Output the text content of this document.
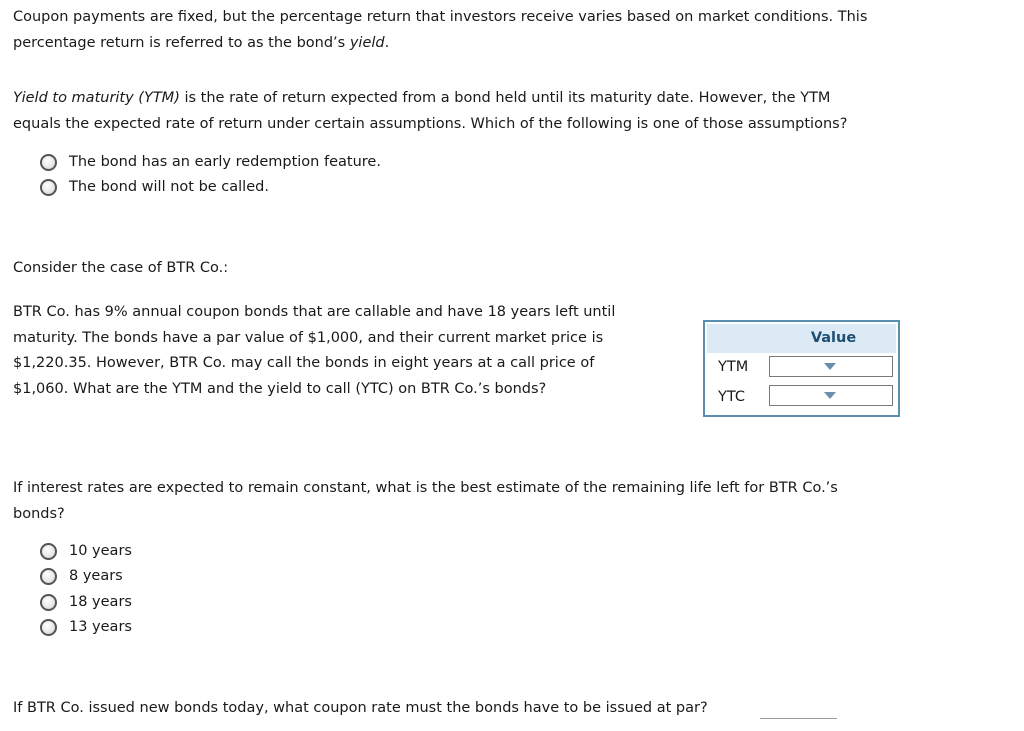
Coupon payments are fixed, but the percentage return that investors receive varies based on market conditions. This
percentage return is referred to as the bond’s yield.

Yield to maturity (YTM) is the rate of return expected from a bond held until its maturity date. However, the YTM
equals the expected rate of return under certain assumptions. Which of the following is one of those assumptions?

The bond has an early redemption feature.
The bond will not be called.

Consider the case of BTR Co.:

BTR Co. has 9% annual coupon bonds that are callable and have 18 years left until
maturity. The bonds have a par value of $1,000, and their current market price is
$1,220.35. However, BTR Co. may call the bonds in eight years at a call price of
$1,060. What are the YTM and the yield to call (YTC) on BTR Co.’s bonds?

Value
YTM
YTC

If interest rates are expected to remain constant, what is the best estimate of the remaining life left for BTR Co.’s
bonds?

10 years
8 years
18 years
13 years

If BTR Co. issued new bonds today, what coupon rate must the bonds have to be issued at par?
